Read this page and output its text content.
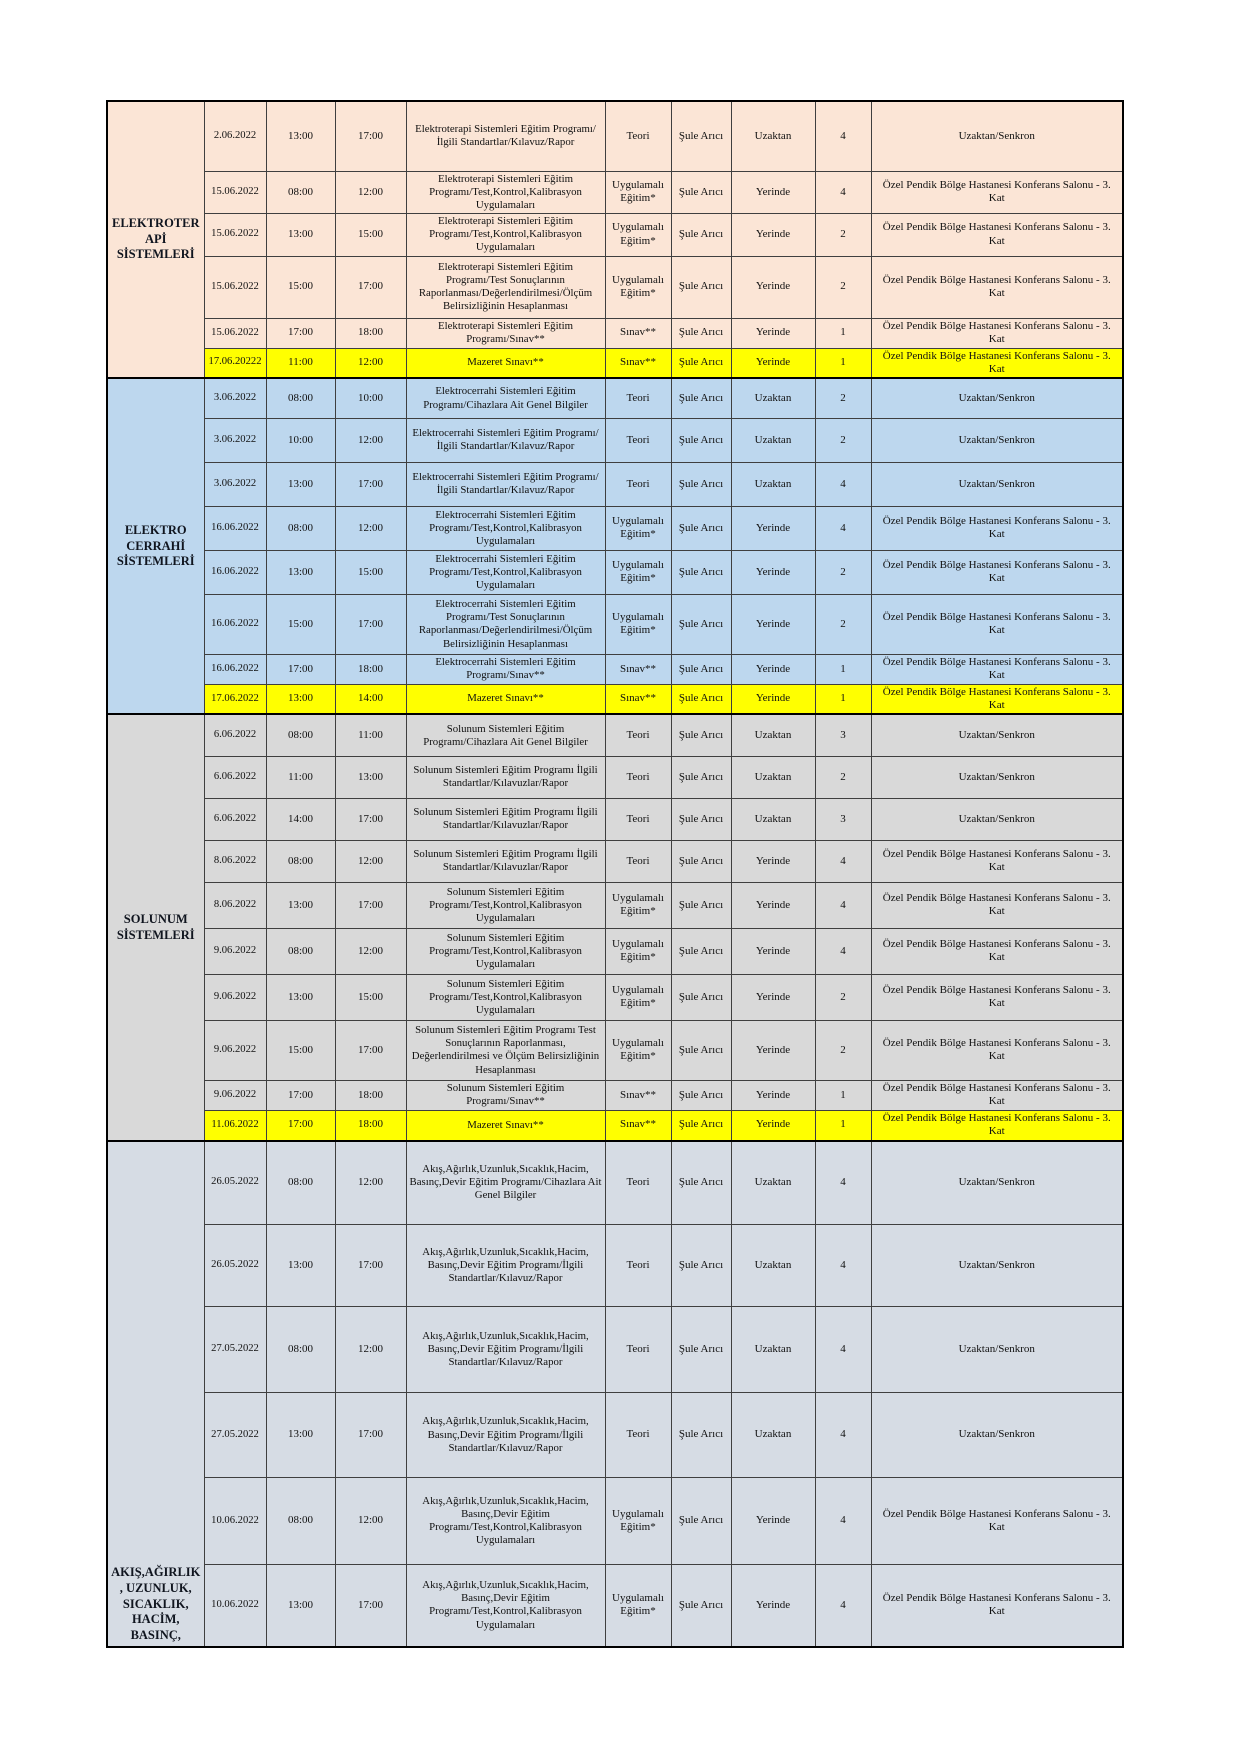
ELEKTROTERAPİ SİSTEMLERİ	2.06.2022	13:00	17:00	Elektroterapi Sistemleri Eğitim Programı/İlgili Standartlar/Kılavuz/Rapor	Teori	Şule Arıcı	Uzaktan	4	Uzaktan/Senkron
	15.06.2022	08:00	12:00	Elektroterapi Sistemleri Eğitim Programı/Test,Kontrol,Kalibrasyon Uygulamaları	Uygulamalı Eğitim*	Şule Arıcı	Yerinde	4	Özel Pendik Bölge Hastanesi Konferans Salonu - 3. Kat
	15.06.2022	13:00	15:00	Elektroterapi Sistemleri Eğitim Programı/Test,Kontrol,Kalibrasyon Uygulamaları	Uygulamalı Eğitim*	Şule Arıcı	Yerinde	2	Özel Pendik Bölge Hastanesi Konferans Salonu - 3. Kat
	15.06.2022	15:00	17:00	Elektroterapi Sistemleri Eğitim Programı/Test Sonuçlarının Raporlanması/Değerlendirilmesi/Ölçüm Belirsizliğinin Hesaplanması	Uygulamalı Eğitim*	Şule Arıcı	Yerinde	2	Özel Pendik Bölge Hastanesi Konferans Salonu - 3. Kat
	15.06.2022	17:00	18:00	Elektroterapi Sistemleri Eğitim Programı/Sınav**	Sınav**	Şule Arıcı	Yerinde	1	Özel Pendik Bölge Hastanesi Konferans Salonu - 3. Kat
	17.06.20222	11:00	12:00	Mazeret Sınavı**	Sınav**	Şule Arıcı	Yerinde	1	Özel Pendik Bölge Hastanesi Konferans Salonu - 3. Kat
ELEKTRO CERRAHİ SİSTEMLERİ	3.06.2022	08:00	10:00	Elektrocerrahi Sistemleri Eğitim Programı/Cihazlara Ait Genel Bilgiler	Teori	Şule Arıcı	Uzaktan	2	Uzaktan/Senkron
	3.06.2022	10:00	12:00	Elektrocerrahi Sistemleri Eğitim Programı/İlgili Standartlar/Kılavuz/Rapor	Teori	Şule Arıcı	Uzaktan	2	Uzaktan/Senkron
	3.06.2022	13:00	17:00	Elektrocerrahi Sistemleri Eğitim Programı/İlgili Standartlar/Kılavuz/Rapor	Teori	Şule Arıcı	Uzaktan	4	Uzaktan/Senkron
	16.06.2022	08:00	12:00	Elektrocerrahi Sistemleri Eğitim Programı/Test,Kontrol,Kalibrasyon Uygulamaları	Uygulamalı Eğitim*	Şule Arıcı	Yerinde	4	Özel Pendik Bölge Hastanesi Konferans Salonu - 3. Kat
	16.06.2022	13:00	15:00	Elektrocerrahi Sistemleri Eğitim Programı/Test,Kontrol,Kalibrasyon Uygulamaları	Uygulamalı Eğitim*	Şule Arıcı	Yerinde	2	Özel Pendik Bölge Hastanesi Konferans Salonu - 3. Kat
	16.06.2022	15:00	17:00	Elektrocerrahi Sistemleri Eğitim Programı/Test Sonuçlarının Raporlanması/Değerlendirilmesi/Ölçüm Belirsizliğinin Hesaplanması	Uygulamalı Eğitim*	Şule Arıcı	Yerinde	2	Özel Pendik Bölge Hastanesi Konferans Salonu - 3. Kat
	16.06.2022	17:00	18:00	Elektrocerrahi Sistemleri Eğitim Programı/Sınav**	Sınav**	Şule Arıcı	Yerinde	1	Özel Pendik Bölge Hastanesi Konferans Salonu - 3. Kat
	17.06.2022	13:00	14:00	Mazeret Sınavı**	Sınav**	Şule Arıcı	Yerinde	1	Özel Pendik Bölge Hastanesi Konferans Salonu - 3. Kat
SOLUNUM SİSTEMLERİ	6.06.2022	08:00	11:00	Solunum Sistemleri Eğitim Programı/Cihazlara Ait Genel Bilgiler	Teori	Şule Arıcı	Uzaktan	3	Uzaktan/Senkron
	6.06.2022	11:00	13:00	Solunum Sistemleri Eğitim Programı İlgili Standartlar/Kılavuzlar/Rapor	Teori	Şule Arıcı	Uzaktan	2	Uzaktan/Senkron
	6.06.2022	14:00	17:00	Solunum Sistemleri Eğitim Programı İlgili Standartlar/Kılavuzlar/Rapor	Teori	Şule Arıcı	Uzaktan	3	Uzaktan/Senkron
	8.06.2022	08:00	12:00	Solunum Sistemleri Eğitim Programı İlgili Standartlar/Kılavuzlar/Rapor	Teori	Şule Arıcı	Yerinde	4	Özel Pendik Bölge Hastanesi Konferans Salonu - 3. Kat
	8.06.2022	13:00	17:00	Solunum Sistemleri Eğitim Programı/Test,Kontrol,Kalibrasyon Uygulamaları	Uygulamalı Eğitim*	Şule Arıcı	Yerinde	4	Özel Pendik Bölge Hastanesi Konferans Salonu - 3. Kat
	9.06.2022	08:00	12:00	Solunum Sistemleri Eğitim Programı/Test,Kontrol,Kalibrasyon Uygulamaları	Uygulamalı Eğitim*	Şule Arıcı	Yerinde	4	Özel Pendik Bölge Hastanesi Konferans Salonu - 3. Kat
	9.06.2022	13:00	15:00	Solunum Sistemleri Eğitim Programı/Test,Kontrol,Kalibrasyon Uygulamaları	Uygulamalı Eğitim*	Şule Arıcı	Yerinde	2	Özel Pendik Bölge Hastanesi Konferans Salonu - 3. Kat
	9.06.2022	15:00	17:00	Solunum Sistemleri Eğitim Programı Test Sonuçlarının Raporlanması, Değerlendirilmesi ve Ölçüm Belirsizliğinin Hesaplanması	Uygulamalı Eğitim*	Şule Arıcı	Yerinde	2	Özel Pendik Bölge Hastanesi Konferans Salonu - 3. Kat
	9.06.2022	17:00	18:00	Solunum Sistemleri Eğitim Programı/Sınav**	Sınav**	Şule Arıcı	Yerinde	1	Özel Pendik Bölge Hastanesi Konferans Salonu - 3. Kat
	11.06.2022	17:00	18:00	Mazeret Sınavı**	Sınav**	Şule Arıcı	Yerinde	1	Özel Pendik Bölge Hastanesi Konferans Salonu - 3. Kat
AKIŞ,AĞIRLIK, UZUNLUK, SICAKLIK, HACİM, BASINÇ,	26.05.2022	08:00	12:00	Akış,Ağırlık,Uzunluk,Sıcaklık,Hacim, Basınç,Devir Eğitim Programı/Cihazlara Ait Genel Bilgiler	Teori	Şule Arıcı	Uzaktan	4	Uzaktan/Senkron
	26.05.2022	13:00	17:00	Akış,Ağırlık,Uzunluk,Sıcaklık,Hacim, Basınç,Devir Eğitim Programı/İlgili Standartlar/Kılavuz/Rapor	Teori	Şule Arıcı	Uzaktan	4	Uzaktan/Senkron
	27.05.2022	08:00	12:00	Akış,Ağırlık,Uzunluk,Sıcaklık,Hacim, Basınç,Devir Eğitim Programı/İlgili Standartlar/Kılavuz/Rapor	Teori	Şule Arıcı	Uzaktan	4	Uzaktan/Senkron
	27.05.2022	13:00	17:00	Akış,Ağırlık,Uzunluk,Sıcaklık,Hacim, Basınç,Devir Eğitim Programı/İlgili Standartlar/Kılavuz/Rapor	Teori	Şule Arıcı	Uzaktan	4	Uzaktan/Senkron
	10.06.2022	08:00	12:00	Akış,Ağırlık,Uzunluk,Sıcaklık,Hacim, Basınç,Devir Eğitim Programı/Test,Kontrol,Kalibrasyon Uygulamaları	Uygulamalı Eğitim*	Şule Arıcı	Yerinde	4	Özel Pendik Bölge Hastanesi Konferans Salonu - 3. Kat
	10.06.2022	13:00	17:00	Akış,Ağırlık,Uzunluk,Sıcaklık,Hacim, Basınç,Devir Eğitim Programı/Test,Kontrol,Kalibrasyon Uygulamaları	Uygulamalı Eğitim*	Şule Arıcı	Yerinde	4	Özel Pendik Bölge Hastanesi Konferans Salonu - 3. Kat
